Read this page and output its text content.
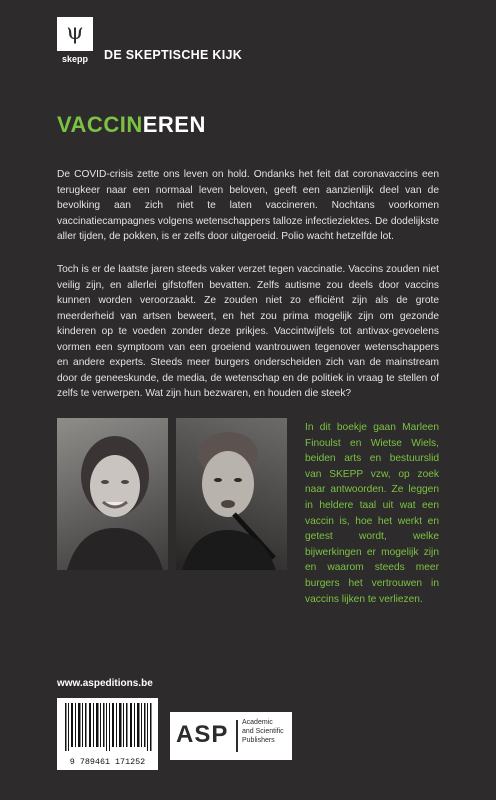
ψ
skepp	DE SKEPTISCHE KIJK
VACCINEREN

De COVID-crisis zette ons leven on hold. Ondanks het feit dat coronavaccins een terugkeer naar een normaal leven beloven, geeft een aanzienlijk deel van de bevolking aan zich niet te laten vaccineren. Nochtans voorkomen vaccinatiecampagnes volgens wetenschappers talloze infectieziektes. De dodelijkste aller tijden, de pokken, is er zelfs door uitgeroeid. Polio wacht hetzelfde lot.

Toch is er de laatste jaren steeds vaker verzet tegen vaccinatie. Vaccins zouden niet veilig zijn, en allerlei gifstoffen bevatten. Zelfs autisme zou deels door vaccins kunnen worden veroorzaakt. Ze zouden niet zo efficiënt zijn als de grote meerderheid van artsen beweert, en het zou prima mogelijk zijn om gezonde kinderen op te voeden zonder deze prikjes. Vaccintwijfels tot antivax-gevoelens vormen een symptoom van een groeiend wantrouwen tegenover wetenschappers en andere experts. Steeds meer burgers onderscheiden zich van de mainstream door de geneeskunde, de media, de wetenschap en de politiek in vraag te stellen of zelfs te verwerpen. Wat zijn hun bezwaren, en houden die steek?

In dit boekje gaan Marleen Finoulst en Wietse Wiels, beiden arts en bestuurslid van SKEPP vzw, op zoek naar antwoorden. Ze leggen in heldere taal uit wat een vaccin is, hoe het werkt en getest wordt, welke bijwerkingen er mogelijk zijn en waarom steeds meer burgers het vertrouwen in vaccins lijken te verliezen.

www.aspeditions.be
9 789461 171252
ASP Academic
and Scientific
Publishers
